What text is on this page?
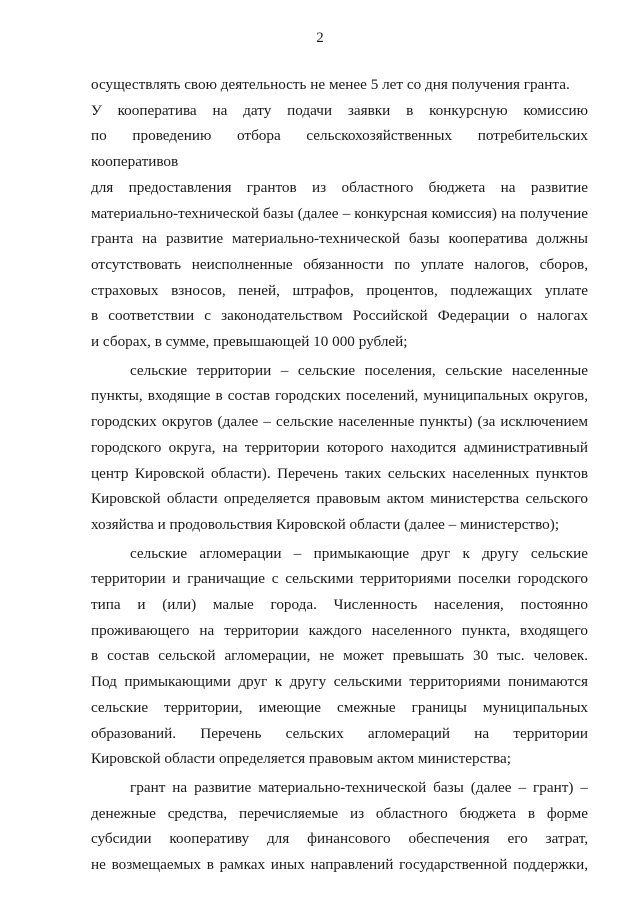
2

осуществлять свою деятельность не менее 5 лет со дня получения гранта.

У кооператива на дату подачи заявки в конкурсную комиссию

по проведению отбора сельскохозяйственных потребительских кооперативов

для предоставления грантов из областного бюджета на развитие

материально-технической базы (далее – конкурсная комиссия) на получение

гранта на развитие материально-технической базы кооператива должны

отсутствовать неисполненные обязанности по уплате налогов, сборов,

страховых взносов, пеней, штрафов, процентов, подлежащих уплате

в соответствии с законодательством Российской Федерации о налогах

и сборах, в сумме, превышающей 10 000 рублей;

сельские территории – сельские поселения, сельские населенные

пункты, входящие в состав городских поселений, муниципальных округов,

городских округов (далее – сельские населенные пункты) (за исключением

городского округа, на территории которого находится административный

центр Кировской области). Перечень таких сельских населенных пунктов

Кировской области определяется правовым актом министерства сельского

хозяйства и продовольствия Кировской области (далее – министерство);

сельские агломерации – примыкающие друг к другу сельские

территории и граничащие с сельскими территориями поселки городского

типа и (или) малые города. Численность населения, постоянно

проживающего на территории каждого населенного пункта, входящего

в состав сельской агломерации, не может превышать 30 тыс. человек.

Под примыкающими друг к другу сельскими территориями понимаются

сельские территории, имеющие смежные границы муниципальных

образований. Перечень сельских агломераций на территории

Кировской области определяется правовым актом министерства;

грант на развитие материально-технической базы (далее – грант) –

денежные средства, перечисляемые из областного бюджета в форме

субсидии кооперативу для финансового обеспечения его затрат,

не возмещаемых в рамках иных направлений государственной поддержки,
